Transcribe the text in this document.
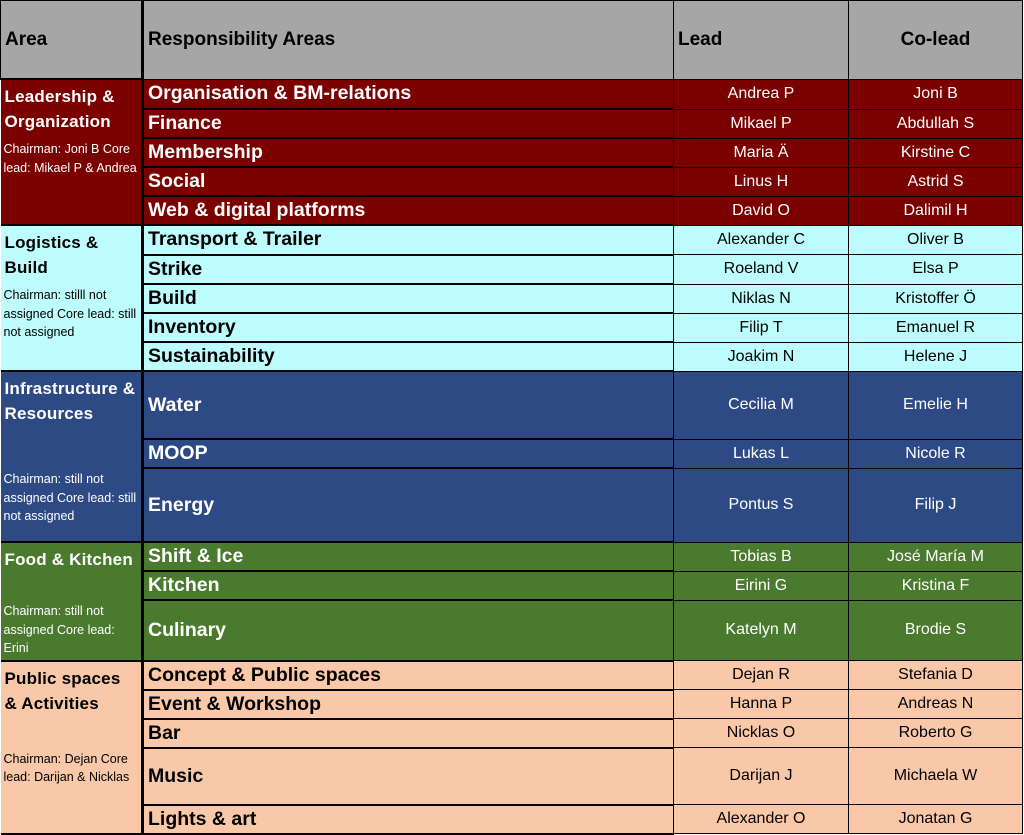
Area	Responsibility Areas	Lead	Co-lead
Leadership & Organization	Organisation & BM-relations	Andrea P	Joni B
	Finance	Mikael P	Abdullah S
Chairman: Joni B Core lead: Mikael P & Andrea	Membership	Maria Ä	Kirstine C
	Social	Linus H	Astrid S
	Web & digital platforms	David O	Dalimil H
Logistics & Build	Transport & Trailer	Alexander C	Oliver B
	Strike	Roeland V	Elsa P
Chairman: stilll not assigned Core lead: still not assigned	Build	Niklas N	Kristoffer Ö
	Inventory	Filip T	Emanuel R
	Sustainability	Joakim N	Helene J
Infrastructure & Resources	Water	Cecilia M	Emelie H
	MOOP	Lukas L	Nicole R
Chairman: still not assigned Core lead: still not assigned	Energy	Pontus S	Filip J
Food & Kitchen	Shift & Ice	Tobias B	José María M
	Kitchen	Eirini G	Kristina F
Chairman: still not assigned Core lead: Erini	Culinary	Katelyn M	Brodie S
Public spaces & Activities	Concept & Public spaces	Dejan R	Stefania D
	Event & Workshop	Hanna P	Andreas N
	Bar	Nicklas O	Roberto G
Chairman: Dejan Core lead: Darijan & Nicklas	Music	Darijan J	Michaela W
	Lights & art	Alexander O	Jonatan G
